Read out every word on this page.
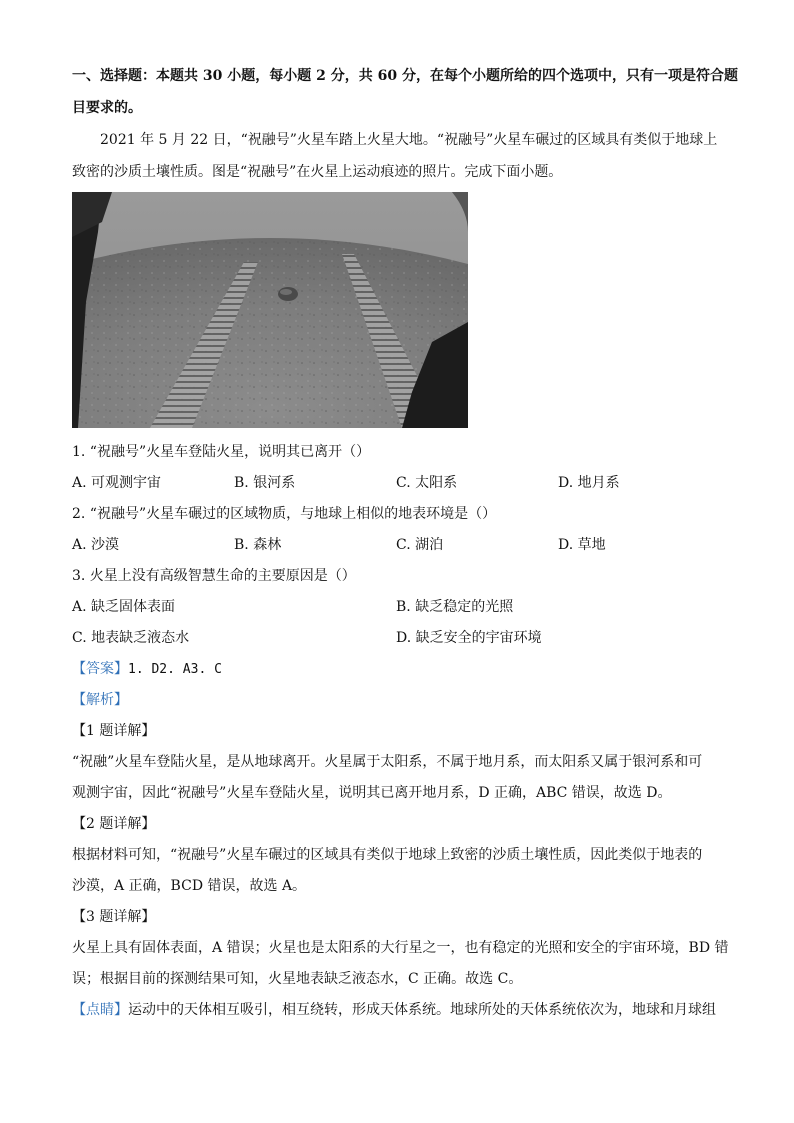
一、选择题：本题共 30 小题，每小题 2 分，共 60 分，在每个小题所给的四个选项中，只有一项是符合题
目要求的。
2021 年 5 月 22 日，“祝融号”火星车踏上火星大地。“祝融号”火星车碾过的区域具有类似于地球上
致密的沙质土壤性质。图是“祝融号”在火星上运动痕迹的照片。完成下面小题。
1. “祝融号”火星车登陆火星，说明其已离开（）
A. 可观测宇宙	B. 银河系	C. 太阳系	D. 地月系
2. “祝融号”火星车碾过的区域物质，与地球上相似的地表环境是（）
A. 沙漠	B. 森林	C. 湖泊	D. 草地
3. 火星上没有高级智慧生命的主要原因是（）
A. 缺乏固体表面	B. 缺乏稳定的光照
C. 地表缺乏液态水	D. 缺乏安全的宇宙环境
【答案】1. D2. A3. C
【解析】
【1 题详解】
“祝融”火星车登陆火星，是从地球离开。火星属于太阳系，不属于地月系，而太阳系又属于银河系和可
观测宇宙，因此“祝融号”火星车登陆火星，说明其已离开地月系，D 正确，ABC 错误，故选 D。
【2 题详解】
根据材料可知，“祝融号”火星车碾过的区域具有类似于地球上致密的沙质土壤性质，因此类似于地表的
沙漠，A 正确，BCD 错误，故选 A。
【3 题详解】
火星上具有固体表面，A 错误；火星也是太阳系的大行星之一，也有稳定的光照和安全的宇宙环境，BD 错
误；根据目前的探测结果可知，火星地表缺乏液态水，C 正确。故选 C。
【点睛】运动中的天体相互吸引，相互绕转，形成天体系统。地球所处的天体系统依次为，地球和月球组
